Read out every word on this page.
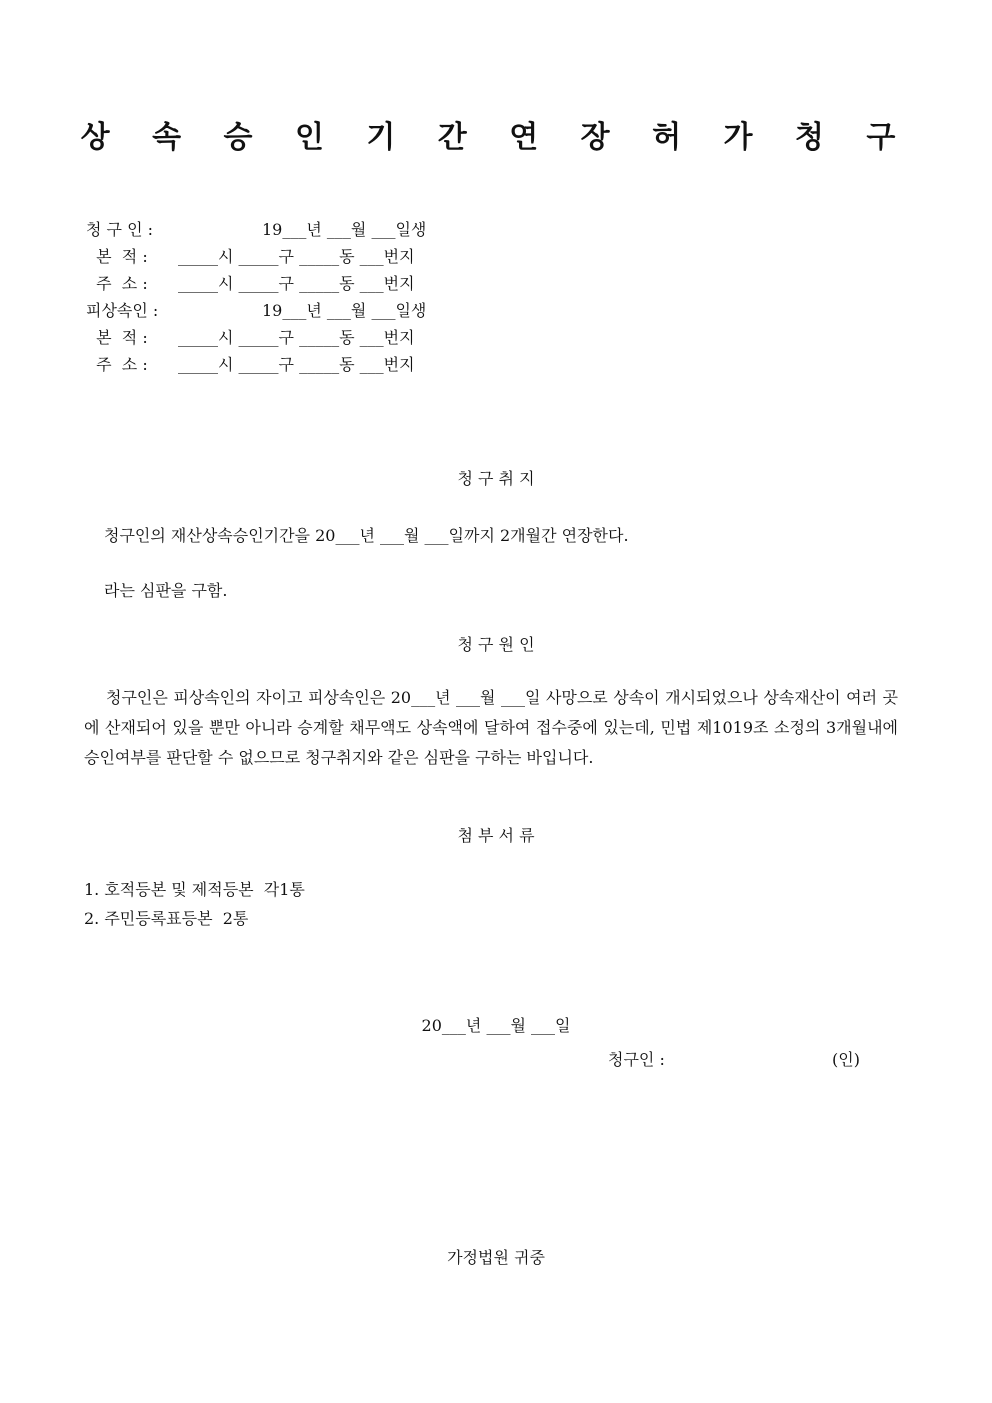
상 속 승 인 기 간 연 장 허 가 청 구
청 구 인 :	19___년 ___월 ___일생
본  적 : _____시 _____구 _____동 ___번지
주  소 : _____시 _____구 _____동 ___번지
피상속인 :	19___년 ___월 ___일생
본  적 : _____시 _____구 _____동 ___번지
주  소 : _____시 _____구 _____동 ___번지
청 구 취 지

청구인의 재산상속승인기간을 20___년 ___월 ___일까지 2개월간 연장한다.

라는 심판을 구함.

청 구 원 인

청구인은 피상속인의 자이고 피상속인은 20___년 ___월 ___일 사망으로 상속이 개시되었으나 상속재산이 여러 곳에 산재되어 있을 뿐만 아니라 승계할 채무액도 상속액에 달하여 접수중에 있는데, 민법 제1019조 소정의 3개월내에 승인여부를 판단할 수 없으므로 청구취지와 같은 심판을 구하는 바입니다.

첨 부 서 류
1. 호적등본 및 제적등본  각1통
2. 주민등록표등본  2통

20___년 ___월 ___일

청구인 :	(인)

가정법원 귀중
